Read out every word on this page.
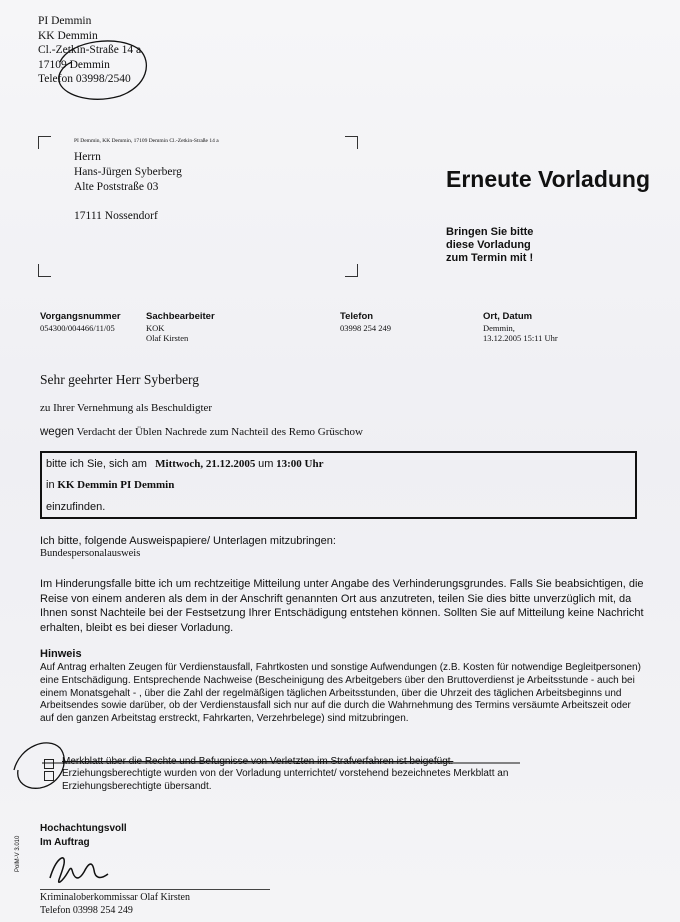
PI Demmin
KK Demmin
Cl.-Zetkin-Straße 14 a
17109 Demmin
Telefon 03998/2540
PI Demmin, KK Demmin, 17109 Demmin Cl.-Zetkin-Straße 14 a
Herrn
Hans-Jürgen Syberberg
Alte Poststraße 03
17111 Nossendorf
Erneute Vorladung
Bringen Sie bitte
diese Vorladung
zum Termin mit !
Vorgangsnummer
054300/004466/11/05
Sachbearbeiter
KOK
Olaf Kirsten
Telefon
03998 254 249
Ort, Datum
Demmin,
13.12.2005 15:11 Uhr
Sehr geehrter Herr Syberberg
zu Ihrer Vernehmung als Beschuldigter
wegen Verdacht der Üblen Nachrede zum Nachteil des Remo Grüschow
bitte ich Sie, sich am Mittwoch, 21.12.2005 um 13:00 Uhr
in KK Demmin PI Demmin
einzufinden.
Ich bitte, folgende Ausweispapiere/ Unterlagen mitzubringen:
Bundespersonalausweis
Im Hinderungsfalle bitte ich um rechtzeitige Mitteilung unter Angabe des Verhinderungsgrundes. Falls Sie beabsichtigen, die Reise von einem anderen als dem in der Anschrift genannten Ort aus anzutreten, teilen Sie dies bitte unverzüglich mit, da Ihnen sonst Nachteile bei der Festsetzung Ihrer Entschädigung entstehen können. Sollten Sie auf Mitteilung keine Nachricht erhalten, bleibt es bei dieser Vorladung.
Hinweis
Auf Antrag erhalten Zeugen für Verdienstausfall, Fahrtkosten und sonstige Aufwendungen (z.B. Kosten für notwendige Begleitpersonen) eine Entschädigung. Entsprechende Nachweise (Bescheinigung des Arbeitgebers über den Bruttoverdienst je Arbeitsstunde - auch bei einem Monatsgehalt - , über die Zahl der regelmäßigen täglichen Arbeitsstunden, über die Uhrzeit des täglichen Arbeitsbeginns und Arbeitsendes sowie darüber, ob der Verdienstausfall sich nur auf die durch die Wahrnehmung des Termins versäumte Arbeitszeit oder auf den ganzen Arbeitstag erstreckt, Fahrkarten, Verzehrbelege) sind mitzubringen.
Merkblatt über die Rechte und Befugnisse von Verletzten im Strafverfahren ist beigefügt.
Erziehungsberechtigte wurden von der Vorladung unterrichtet/ vorstehend bezeichnetes Merkblatt an
Erziehungsberechtigte übersandt.
Hochachtungsvoll
Im Auftrag
PolM-V 3.010
Kriminaloberkommissar Olaf Kirsten
Telefon 03998 254 249
